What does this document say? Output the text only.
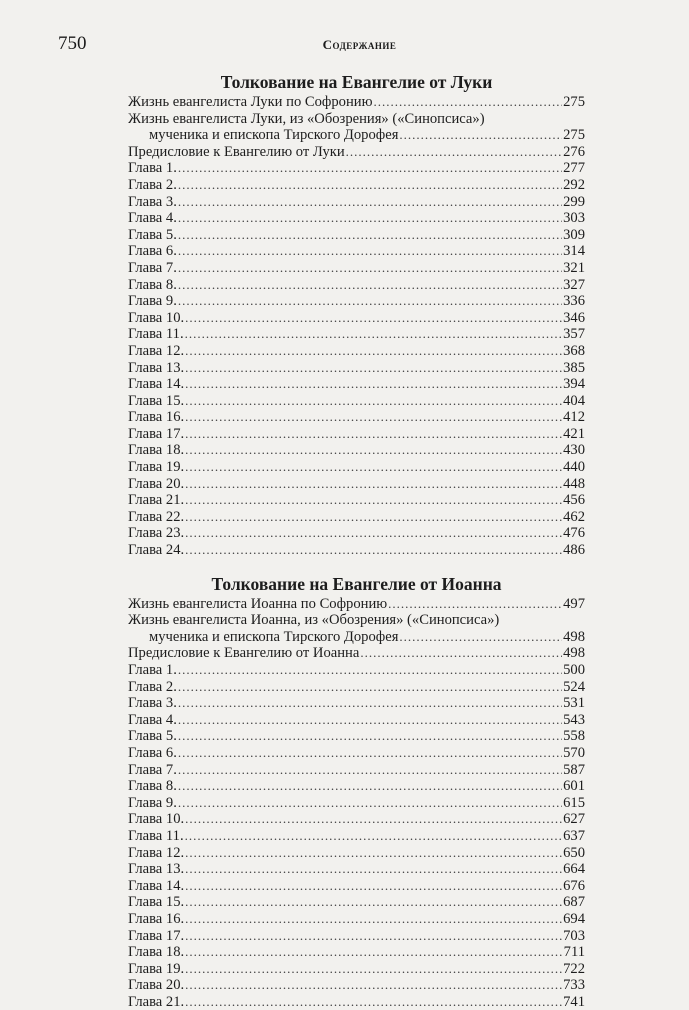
750	Содержание
Толкование на Евангелие от Луки
Жизнь евангелиста Луки по Софронию .....	275
Жизнь евангелиста Луки, из «Обозрения» («Синопсиса»)
мученика и епископа Тирского Дорофея .....	275
Предисловие к Евангелию от Луки .....	276
Глава 1. .....	277
Глава 2. .....	292
Глава 3. .....	299
Глава 4. .....	303
Глава 5. .....	309
Глава 6. .....	314
Глава 7. .....	321
Глава 8. .....	327
Глава 9. .....	336
Глава 10. .....	346
Глава 11. .....	357
Глава 12. .....	368
Глава 13. .....	385
Глава 14. .....	394
Глава 15. .....	404
Глава 16. .....	412
Глава 17. .....	421
Глава 18. .....	430
Глава 19. .....	440
Глава 20. .....	448
Глава 21. .....	456
Глава 22. .....	462
Глава 23. .....	476
Глава 24. .....	486
Толкование на Евангелие от Иоанна
Жизнь евангелиста Иоанна по Софронию .....	497
Жизнь евангелиста Иоанна, из «Обозрения» («Синопсиса»)
мученика и епископа Тирского Дорофея .....	498
Предисловие к Евангелию от Иоанна .....	498
Глава 1. .....	500
Глава 2. .....	524
Глава 3. .....	531
Глава 4. .....	543
Глава 5. .....	558
Глава 6. .....	570
Глава 7. .....	587
Глава 8. .....	601
Глава 9. .....	615
Глава 10. .....	627
Глава 11. .....	637
Глава 12. .....	650
Глава 13. .....	664
Глава 14. .....	676
Глава 15. .....	687
Глава 16. .....	694
Глава 17. .....	703
Глава 18. .....	711
Глава 19. .....	722
Глава 20. .....	733
Глава 21. .....	741
